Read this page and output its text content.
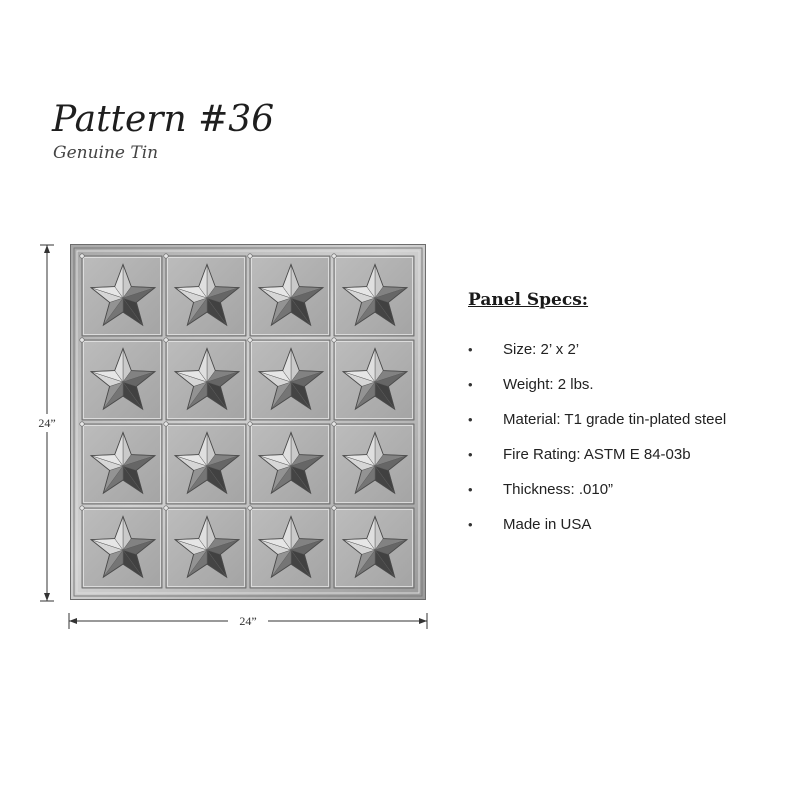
Pattern #36

Genuine Tin

24”
24”
Panel Specs:
•	Size: 2’ x 2’
•	Weight: 2 lbs.
•	Material: T1 grade tin-plated steel
•	Fire Rating: ASTM E 84-03b
•	Thickness: .010”
•	Made in USA
